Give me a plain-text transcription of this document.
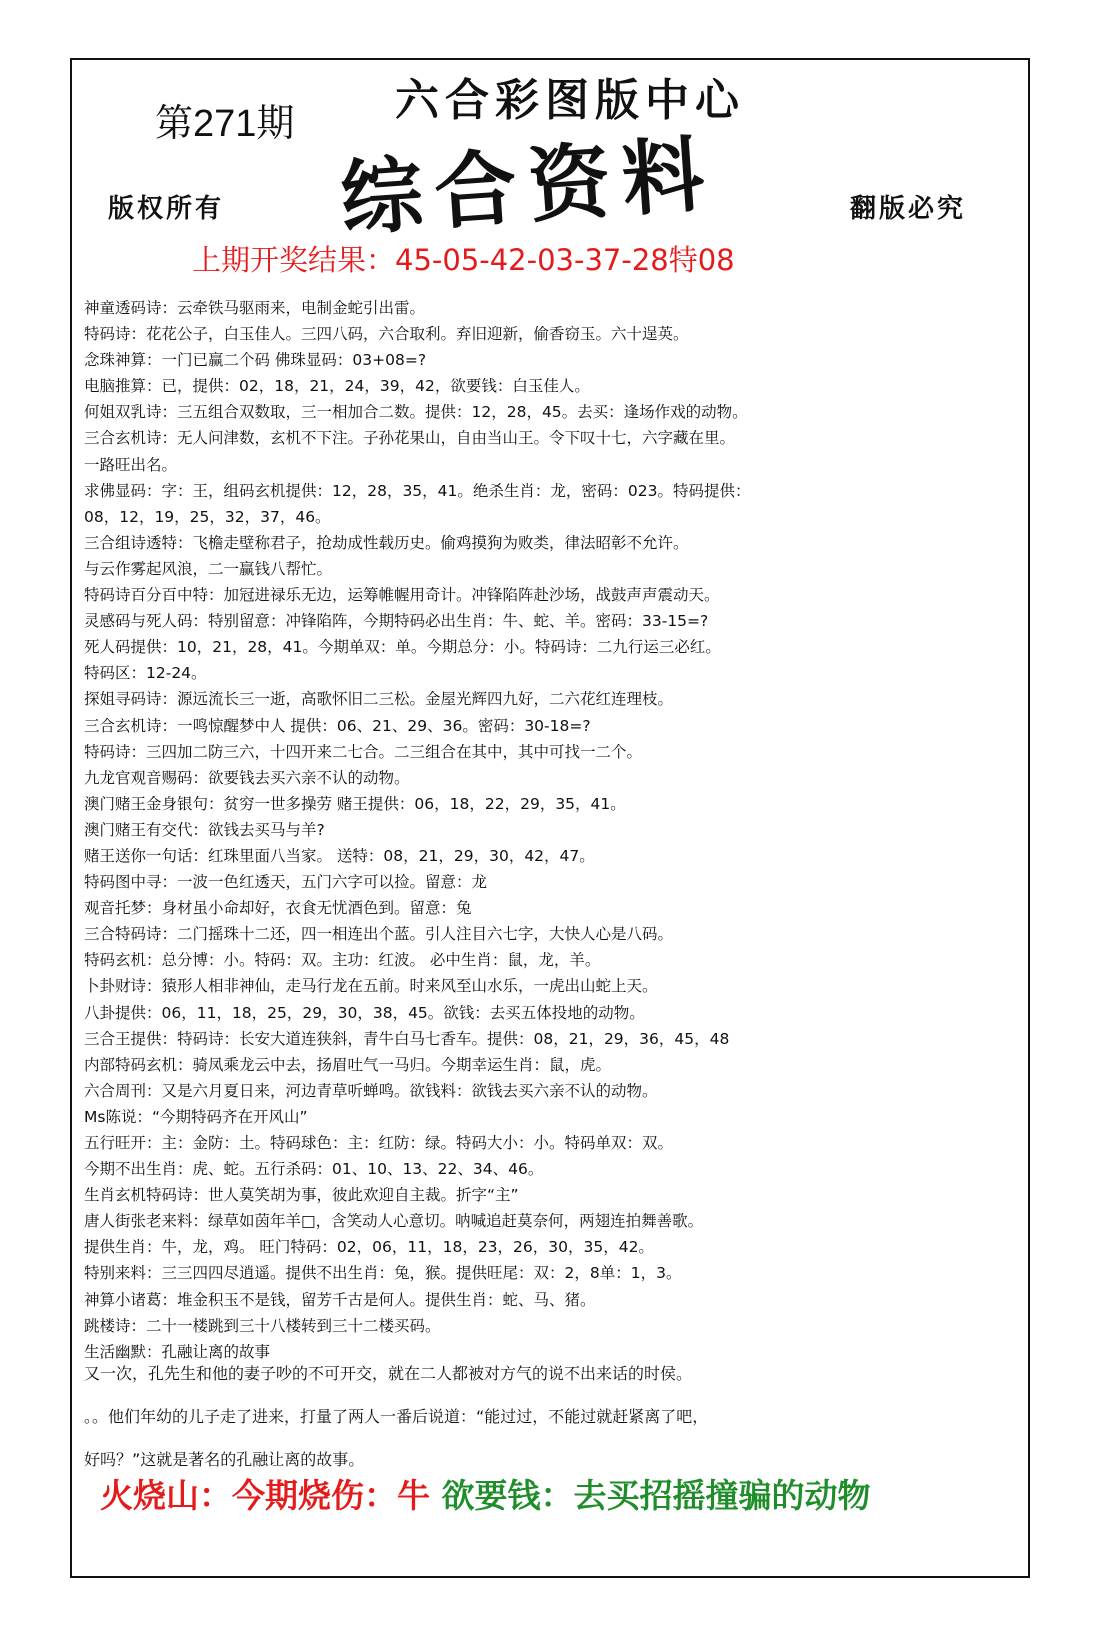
第271期 六合彩图版中心
综合资料
版权所有	翻版必究
上期开奖结果：45-05-42-03-37-28特08
神童透码诗：云牵铁马驱雨来，电制金蛇引出雷。
特码诗：花花公子，白玉佳人。三四八码，六合取利。弃旧迎新，偷香窃玉。六十逞英。
念珠神算：一门已赢二个码 佛珠显码：03+08=?
电脑推算：已，提供：02，18，21，24，39，42，欲要钱：白玉佳人。
何姐双乳诗：三五组合双数取，三一相加合二数。提供：12，28，45。去买：逢场作戏的动物。
三合玄机诗：无人问津数，玄机不下注。子孙花果山，自由当山王。令下叹十七，六字藏在里。
一路旺出名。
求佛显码：字：王，组码玄机提供：12，28，35，41。绝杀生肖：龙，密码：023。特码提供：
08，12，19，25，32，37，46。
三合组诗透特：飞檐走壁称君子，抢劫成性载历史。偷鸡摸狗为败类，律法昭彰不允许。
与云作雾起风浪，二一赢钱八帮忙。
特码诗百分百中特：加冠进禄乐无边，运筹帷幄用奇计。冲锋陷阵赴沙场，战鼓声声震动天。
灵感码与死人码：特别留意：冲锋陷阵，今期特码必出生肖：牛、蛇、羊。密码：33-15=?
死人码提供：10，21，28，41。今期单双：单。今期总分：小。特码诗：二九行运三必红。
特码区：12-24。
探姐寻码诗：源远流长三一逝，高歌怀旧二三松。金屋光辉四九好，二六花红连理枝。
三合玄机诗：一鸣惊醒梦中人 提供：06、21、29、36。密码：30-18=?
特码诗：三四加二防三六，十四开来二七合。二三组合在其中，其中可找一二个。
九龙官观音赐码：欲要钱去买六亲不认的动物。
澳门赌王金身银句：贫穷一世多操劳 赌王提供：06，18，22，29，35，41。
澳门赌王有交代：欲钱去买马与羊?
赌王送你一句话：红珠里面八当家。 送特：08，21，29，30，42，47。
特码图中寻：一波一色红透天，五门六字可以捡。留意：龙
观音托梦：身材虽小命却好，衣食无忧酒色到。留意：兔
三合特码诗：二门摇珠十二还，四一相连出个蓝。引人注目六七字，大快人心是八码。
特码玄机：总分博：小。特码：双。主功：红波。 必中生肖：鼠，龙，羊。
卜卦财诗：猿形人相非神仙，走马行龙在五前。时来风至山水乐，一虎出山蛇上天。
八卦提供：06，11，18，25，29，30，38，45。欲钱：去买五体投地的动物。
三合王提供：特码诗：长安大道连狭斜，青牛白马七香车。提供：08，21，29，36，45，48
内部特码玄机：骑凤乘龙云中去，扬眉吐气一马归。今期幸运生肖：鼠，虎。
六合周刊：又是六月夏日来，河边青草听蝉鸣。欲钱料：欲钱去买六亲不认的动物。
Ms陈说：“今期特码齐在开风山”
五行旺开：主：金防：土。特码球色：主：红防：绿。特码大小：小。特码单双：双。
今期不出生肖：虎、蛇。五行杀码：01、10、13、22、34、46。
生肖玄机特码诗：世人莫笑胡为事，彼此欢迎自主裁。折字“主”
唐人街张老来料：绿草如茵年羊□，含笑动人心意切。呐喊追赶莫奈何，两翅连拍舞善歌。
提供生肖：牛，龙，鸡。 旺门特码：02，06，11，18，23，26，30，35，42。
特别来料：三三四四尽逍遥。提供不出生肖：兔，猴。提供旺尾：双：2，8单：1，3。
神算小诸葛：堆金积玉不是钱，留芳千古是何人。提供生肖：蛇、马、猪。
跳楼诗：二十一楼跳到三十八楼转到三十二楼买码。
生活幽默：孔融让离的故事
又一次，孔先生和他的妻子吵的不可开交，就在二人都被对方气的说不出来话的时侯。
。。他们年幼的儿子走了进来，打量了两人一番后说道：“能过过，不能过就赶紧离了吧，
好吗？”这就是著名的孔融让离的故事。
火烧山：今期烧伤：牛 欲要钱：去买招摇撞骗的动物
